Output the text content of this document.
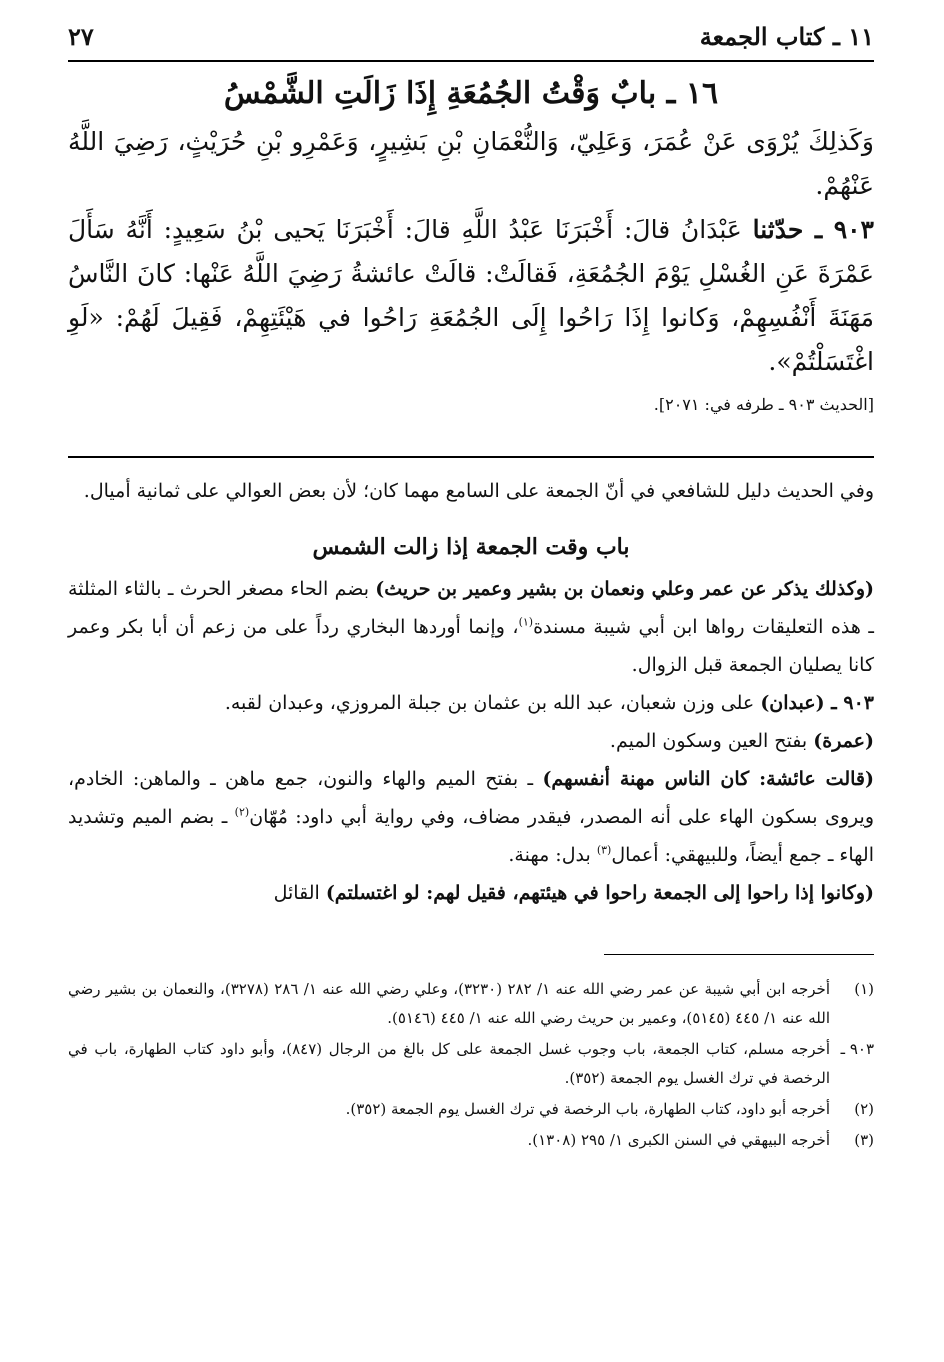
١١ ـ كتاب الجمعة
٢٧
١٦ ـ بابٌ وَقْتُ الجُمُعَةِ إِذَا زَالَتِ الشَّمْسُ

وَكَذلِكَ يُرْوَى عَنْ عُمَرَ، وَعَلِيّ، وَالنُّعْمَانِ بْنِ بَشِيرٍ، وَعَمْرِو بْنِ حُرَيْثٍ، رَضِيَ اللَّهُ عَنْهُمْ.

٩٠٣ ـ حدّثنا عَبْدَانُ قالَ: أَخْبَرَنَا عَبْدُ اللَّهِ قالَ: أَخْبَرَنَا يَحيى بْنُ سَعِيدٍ: أَنَّهُ سَأَلَ عَمْرَةَ عَنِ الغُسْلِ يَوْمَ الجُمُعَةِ، فَقالَتْ: قالَتْ عائشةُ رَضِيَ اللَّهُ عَنْها: كانَ النَّاسُ مَهَنَةَ أَنْفُسِهِمْ، وَكانوا إِذَا رَاحُوا إِلَى الجُمُعَةِ رَاحُوا في هَيْئَتِهِمْ، فَقِيلَ لَهُمْ: «لَوِ اغْتَسَلْتُمْ».

[الحديث ٩٠٣ ـ طرفه في: ٢٠٧١].

وفي الحديث دليل للشافعي في أنّ الجمعة على السامع مهما كان؛ لأن بعض العوالي على ثمانية أميال.

باب وقت الجمعة إذا زالت الشمس

(وكذلك يذكر عن عمر وعلي ونعمان بن بشير وعمير بن حريث) بضم الحاء مصغر الحرث ـ بالثاء المثلثة ـ هذه التعليقات رواها ابن أبي شيبة مسندة$^{(١)}$، وإنما أوردها البخاري رداً على من زعم أن أبا بكر وعمر كانا يصليان الجمعة قبل الزوال.

٩٠٣ ـ (عبدان) على وزن شعبان، عبد الله بن عثمان بن جبلة المروزي، وعبدان لقبه.
(عمرة) بفتح العين وسكون الميم.

(قالت عائشة: كان الناس مهنة أنفسهم) ـ بفتح الميم والهاء والنون، جمع ماهن ـ والماهن: الخادم، ويروى بسكون الهاء على أنه المصدر، فيقدر مضاف، وفي رواية أبي داود: مُهّان$^{(٢)}$ ـ بضم الميم وتشديد الهاء ـ جمع أيضاً، وللبيهقي: أعمال$^{(٣)}$ بدل: مهنة.

(وكانوا إذا راحوا إلى الجمعة راحوا في هيئتهم، فقيل لهم: لو اغتسلتم) القائل

(١)
أخرجه ابن أبي شيبة عن عمر رضي الله عنه ١/ ٢٨٢ (٣٢٣٠)، وعلي رضي الله عنه ١/ ٢٨٦ (٣٢٧٨)، والنعمان بن بشير رضي الله عنه ١/ ٤٤٥ (٥١٤٥)، وعمير بن حريث رضي الله عنه ١/ ٤٤٥ (٥١٤٦).
٩٠٣ ـ
أخرجه مسلم، كتاب الجمعة، باب وجوب غسل الجمعة على كل بالغ من الرجال (٨٤٧)، وأبو داود كتاب الطهارة، باب في الرخصة في ترك الغسل يوم الجمعة (٣٥٢).
(٢)
أخرجه أبو داود، كتاب الطهارة، باب الرخصة في ترك الغسل يوم الجمعة (٣٥٢).
(٣)
أخرجه البيهقي في السنن الكبرى ١/ ٢٩٥ (١٣٠٨).
